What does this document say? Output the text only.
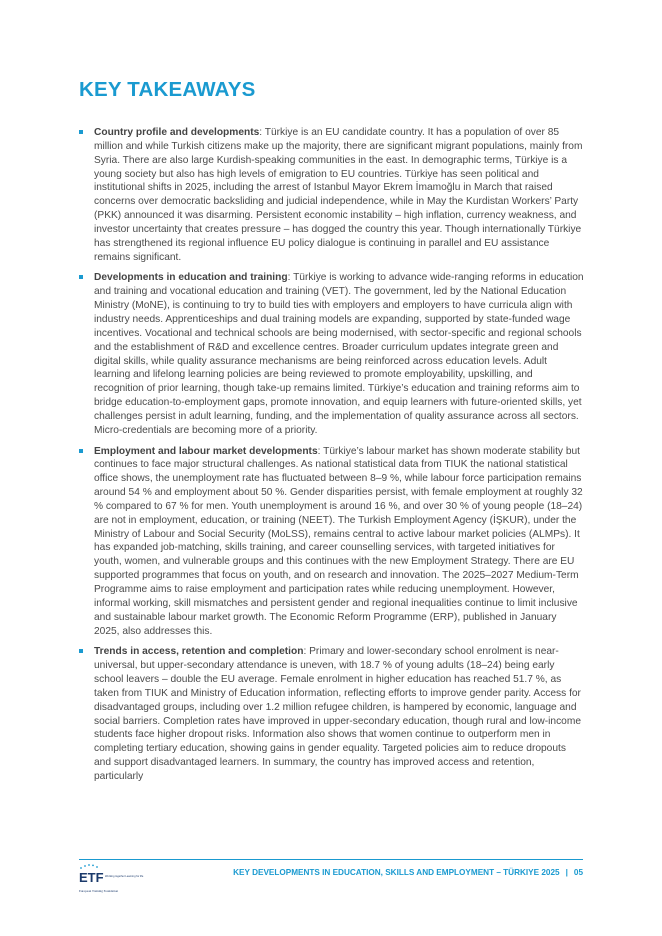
KEY TAKEAWAYS
Country profile and developments: Türkiye is an EU candidate country. It has a population of over 85 million and while Turkish citizens make up the majority, there are significant migrant populations, mainly from Syria. There are also large Kurdish-speaking communities in the east. In demographic terms, Türkiye is a young society but also has high levels of emigration to EU countries. Türkiye has seen political and institutional shifts in 2025, including the arrest of Istanbul Mayor Ekrem İmamoğlu in March that raised concerns over democratic backsliding and judicial independence, while in May the Kurdistan Workers’ Party (PKK) announced it was disarming. Persistent economic instability – high inflation, currency weakness, and investor uncertainty that creates pressure – has dogged the country this year. Though internationally Türkiye has strengthened its regional influence EU policy dialogue is continuing in parallel and EU assistance remains significant.
Developments in education and training: Türkiye is working to advance wide-ranging reforms in education and training and vocational education and training (VET). The government, led by the National Education Ministry (MoNE), is continuing to try to build ties with employers and employers to have curricula align with industry needs. Apprenticeships and dual training models are expanding, supported by state-funded wage incentives. Vocational and technical schools are being modernised, with sector-specific and regional schools and the establishment of R&D and excellence centres. Broader curriculum updates integrate green and digital skills, while quality assurance mechanisms are being reinforced across education levels. Adult learning and lifelong learning policies are being reviewed to promote employability, upskilling, and recognition of prior learning, though take-up remains limited. Türkiye’s education and training reforms aim to bridge education-to-employment gaps, promote innovation, and equip learners with future-oriented skills, yet challenges persist in adult learning, funding, and the implementation of quality assurance across all sectors. Micro-credentials are becoming more of a priority.
Employment and labour market developments: Türkiye’s labour market has shown moderate stability but continues to face major structural challenges. As national statistical data from TIUK the national statistical office shows, the unemployment rate has fluctuated between 8–9 %, while labour force participation remains around 54 % and employment about 50 %. Gender disparities persist, with female employment at roughly 32 % compared to 67 % for men. Youth unemployment is around 16 %, and over 30 % of young people (18–24) are not in employment, education, or training (NEET). The Turkish Employment Agency (İŞKUR), under the Ministry of Labour and Social Security (MoLSS), remains central to active labour market policies (ALMPs). It has expanded job-matching, skills training, and career counselling services, with targeted initiatives for youth, women, and vulnerable groups and this continues with the new Employment Strategy. There are EU supported programmes that focus on youth, and on research and innovation. The 2025–2027 Medium-Term Programme aims to raise employment and participation rates while reducing unemployment. However, informal working, skill mismatches and persistent gender and regional inequalities continue to limit inclusive and sustainable labour market growth. The Economic Reform Programme (ERP), published in January 2025, also addresses this.
Trends in access, retention and completion: Primary and lower-secondary school enrolment is near-universal, but upper-secondary attendance is uneven, with 18.7 % of young adults (18–24) being early school leavers – double the EU average. Female enrolment in higher education has reached 51.7 %, as taken from TIUK and Ministry of Education information, reflecting efforts to improve gender parity. Access for disadvantaged groups, including over 1.2 million refugee children, is hampered by economic, language and social barriers. Completion rates have improved in upper-secondary education, though rural and low-income students face higher dropout risks. Information also shows that women continue to outperform men in completing tertiary education, showing gains in gender equality. Targeted policies aim to reduce dropouts and support disadvantaged learners. In summary, the country has improved access and retention, particularly
ETF Working together Learning for life
European Training Foundation
KEY DEVELOPMENTS IN EDUCATION, SKILLS AND EMPLOYMENT – TÜRKIYE 2025 | 05
